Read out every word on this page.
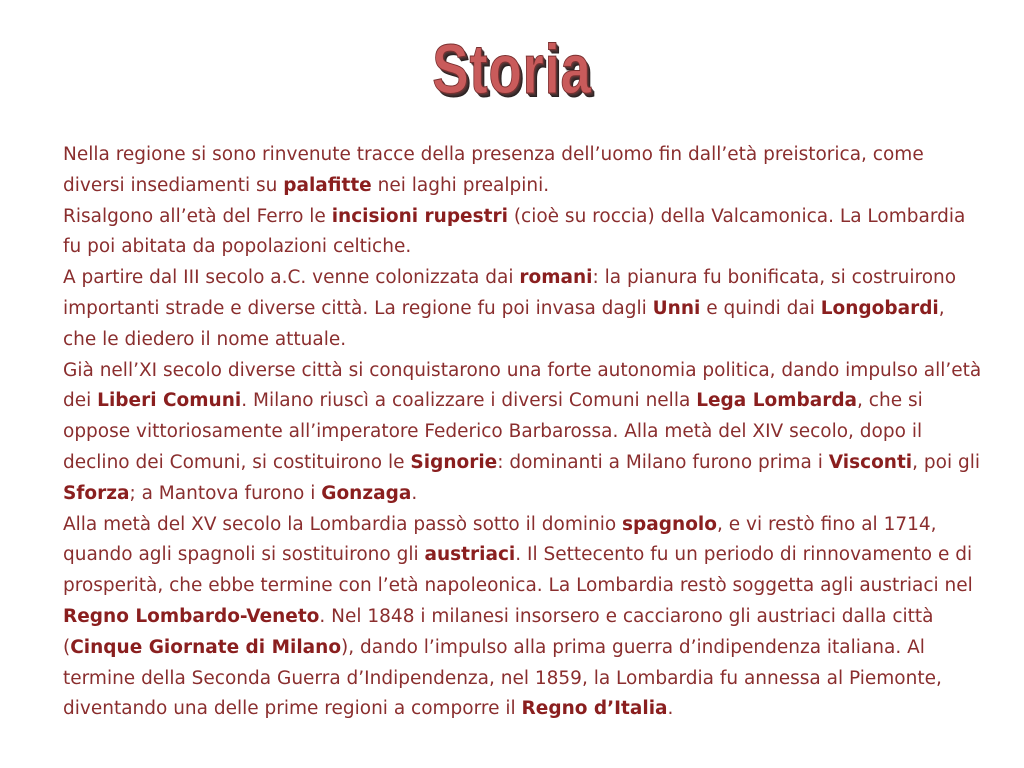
Storia

Nella regione si sono rinvenute tracce della presenza dell’uomo fin dall’età preistorica, come diversi insediamenti su palafitte nei laghi prealpini.

Risalgono all’età del Ferro le incisioni rupestri (cioè su roccia) della Valcamonica. La Lombardia fu poi abitata da popolazioni celtiche.

A partire dal III secolo a.C. venne colonizzata dai romani: la pianura fu bonificata, si costruirono importanti strade e diverse città. La regione fu poi invasa dagli Unni e quindi dai Longobardi, che le diedero il nome attuale.

Già nell’XI secolo diverse città si conquistarono una forte autonomia politica, dando impulso all’età dei Liberi Comuni. Milano riuscì a coalizzare i diversi Comuni nella Lega Lombarda, che si oppose vittoriosamente all’imperatore Federico Barbarossa. Alla metà del XIV secolo, dopo il declino dei Comuni, si costituirono le Signorie: dominanti a Milano furono prima i Visconti, poi gli Sforza; a Mantova furono i Gonzaga.

Alla metà del XV secolo la Lombardia passò sotto il dominio spagnolo, e vi restò fino al 1714, quando agli spagnoli si sostituirono gli austriaci. Il Settecento fu un periodo di rinnovamento e di prosperità, che ebbe termine con l’età napoleonica. La Lombardia restò soggetta agli austriaci nel Regno Lombardo-Veneto. Nel 1848 i milanesi insorsero e cacciarono gli austriaci dalla città (Cinque Giornate di Milano), dando l’impulso alla prima guerra d’indipendenza italiana. Al termine della Seconda Guerra d’Indipendenza, nel 1859, la Lombardia fu annessa al Piemonte, diventando una delle prime regioni a comporre il Regno d’Italia.
